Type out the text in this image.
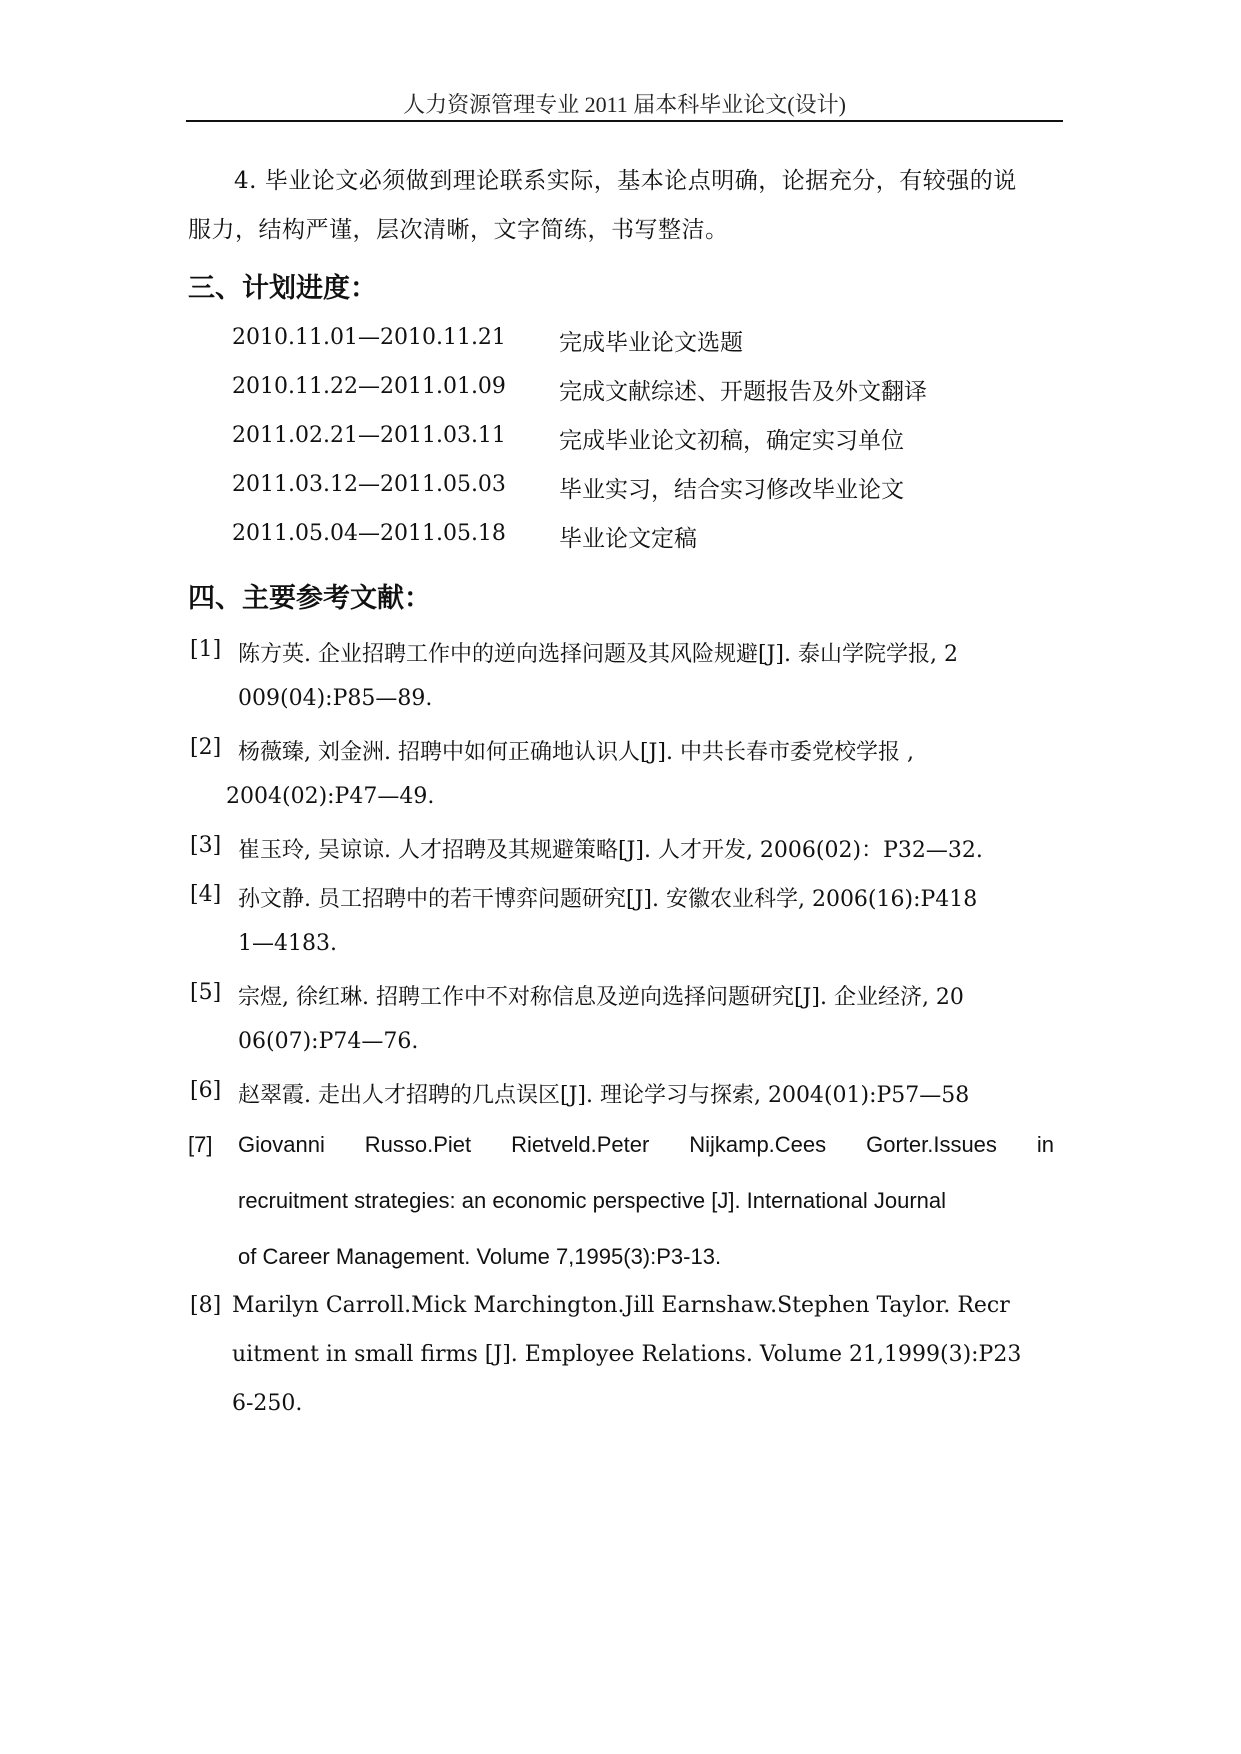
人力资源管理专业 2011 届本科毕业论文(设计)
4. 毕业论文必须做到理论联系实际，基本论点明确，论据充分，有较强的说
服力，结构严谨，层次清晰，文字简练，书写整洁。
三、计划进度：
2010.11.01—2010.11.21 完成毕业论文选题
2010.11.22—2011.01.09 完成文献综述、开题报告及外文翻译
2011.02.21—2011.03.11 完成毕业论文初稿，确定实习单位
2011.03.12—2011.05.03 毕业实习，结合实习修改毕业论文
2011.05.04—2011.05.18 毕业论文定稿
四、主要参考文献：
[1] 陈方英. 企业招聘工作中的逆向选择问题及其风险规避[J]. 泰山学院学报, 2
009(04):P85—89.
[2] 杨薇臻, 刘金洲. 招聘中如何正确地认识人[J]. 中共长春市委党校学报 ,
2004(02):P47—49.
[3] 崔玉玲, 吴谅谅. 人才招聘及其规避策略[J]. 人才开发, 2006(02)：P32—32.
[4] 孙文静. 员工招聘中的若干博弈问题研究[J]. 安徽农业科学, 2006(16):P418
1—4183.
[5] 宗煜, 徐红琳. 招聘工作中不对称信息及逆向选择问题研究[J]. 企业经济, 20
06(07):P74—76.
[6] 赵翠霞. 走出人才招聘的几点误区[J]. 理论学习与探索, 2004(01):P57—58
[7] Giovanni Russo.Piet Rietveld.Peter Nijkamp.Cees Gorter.Issues in
recruitment strategies: an economic perspective [J]. International Journal
of Career Management. Volume 7,1995(3):P3-13.
[8] Marilyn Carroll.Mick Marchington.Jill Earnshaw.Stephen Taylor. Recr
uitment in small firms [J]. Employee Relations. Volume 21,1999(3):P23
6-250.
